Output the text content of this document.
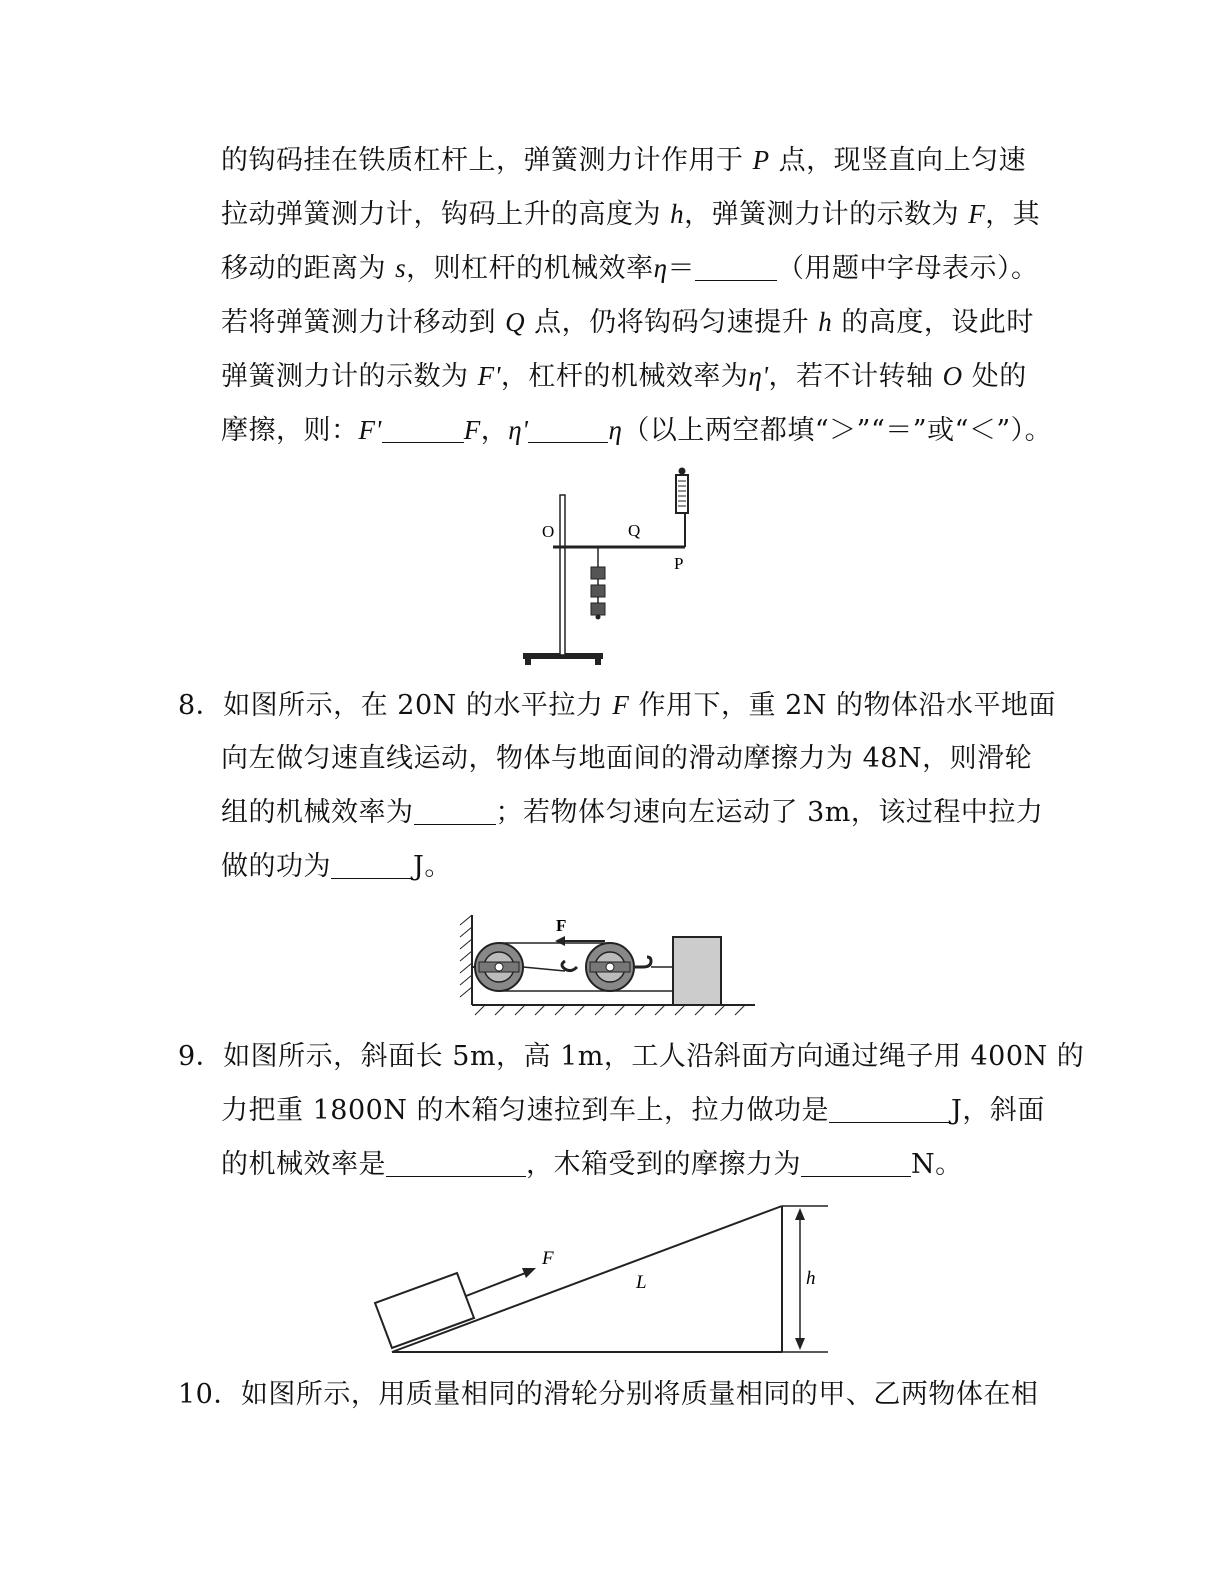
的钩码挂在铁质杠杆上，弹簧测力计作用于 P 点，现竖直向上匀速
拉动弹簧测力计，钩码上升的高度为 h，弹簧测力计的示数为 F，其
移动的距离为 s，则杠杆的机械效率η＝	（用题中字母表示）。
若将弹簧测力计移动到 Q 点，仍将钩码匀速提升 h 的高度，设此时
弹簧测力计的示数为 F'，杠杆的机械效率为η'，若不计转轴 O 处的
摩擦，则：F'	F，η'	η（以上两空都填“＞”“＝”或“＜”）。
O	Q
P
8．如图所示，在 20N 的水平拉力 F 作用下，重 2N 的物体沿水平地面
向左做匀速直线运动，物体与地面间的滑动摩擦力为 48N，则滑轮
组的机械效率为	；若物体匀速向左运动了 3m，该过程中拉力
做的功为	J。
F
9．如图所示，斜面长 5m，高 1m，工人沿斜面方向通过绳子用 400N 的
力把重 1800N 的木箱匀速拉到车上，拉力做功是	J，斜面
的机械效率是	，木箱受到的摩擦力为	N。
h
F
L
10．如图所示，用质量相同的滑轮分别将质量相同的甲、乙两物体在相
